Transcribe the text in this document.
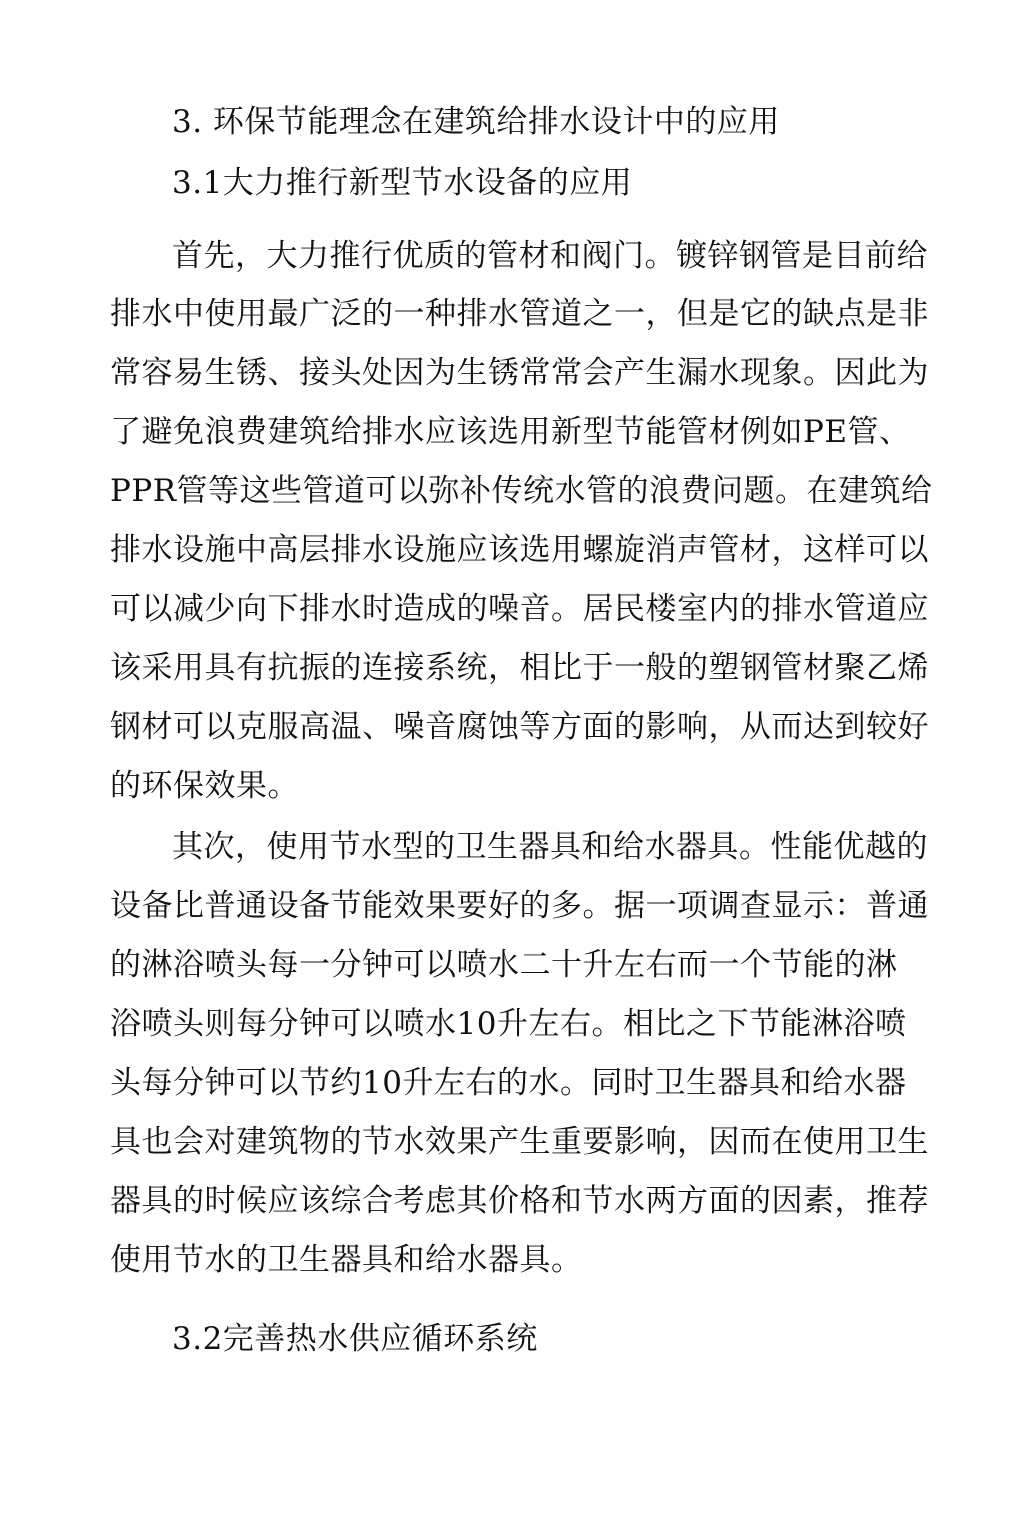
3. 环保节能理念在建筑给排水设计中的应用
3.1大力推行新型节水设备的应用
首先，大力推行优质的管材和阀门。镀锌钢管是目前给
排水中使用最广泛的一种排水管道之一，但是它的缺点是非
常容易生锈、接头处因为生锈常常会产生漏水现象。因此为
了避免浪费建筑给排水应该选用新型节能管材例如PE管、
PPR管等这些管道可以弥补传统水管的浪费问题。在建筑给
排水设施中高层排水设施应该选用螺旋消声管材，这样可以
可以减少向下排水时造成的噪音。居民楼室内的排水管道应
该采用具有抗振的连接系统，相比于一般的塑钢管材聚乙烯
钢材可以克服高温、噪音腐蚀等方面的影响，从而达到较好
的环保效果。
其次，使用节水型的卫生器具和给水器具。性能优越的
设备比普通设备节能效果要好的多。据一项调查显示：普通
的淋浴喷头每一分钟可以喷水二十升左右而一个节能的淋
浴喷头则每分钟可以喷水10升左右。相比之下节能淋浴喷
头每分钟可以节约10升左右的水。同时卫生器具和给水器
具也会对建筑物的节水效果产生重要影响，因而在使用卫生
器具的时候应该综合考虑其价格和节水两方面的因素，推荐
使用节水的卫生器具和给水器具。
3.2完善热水供应循环系统
